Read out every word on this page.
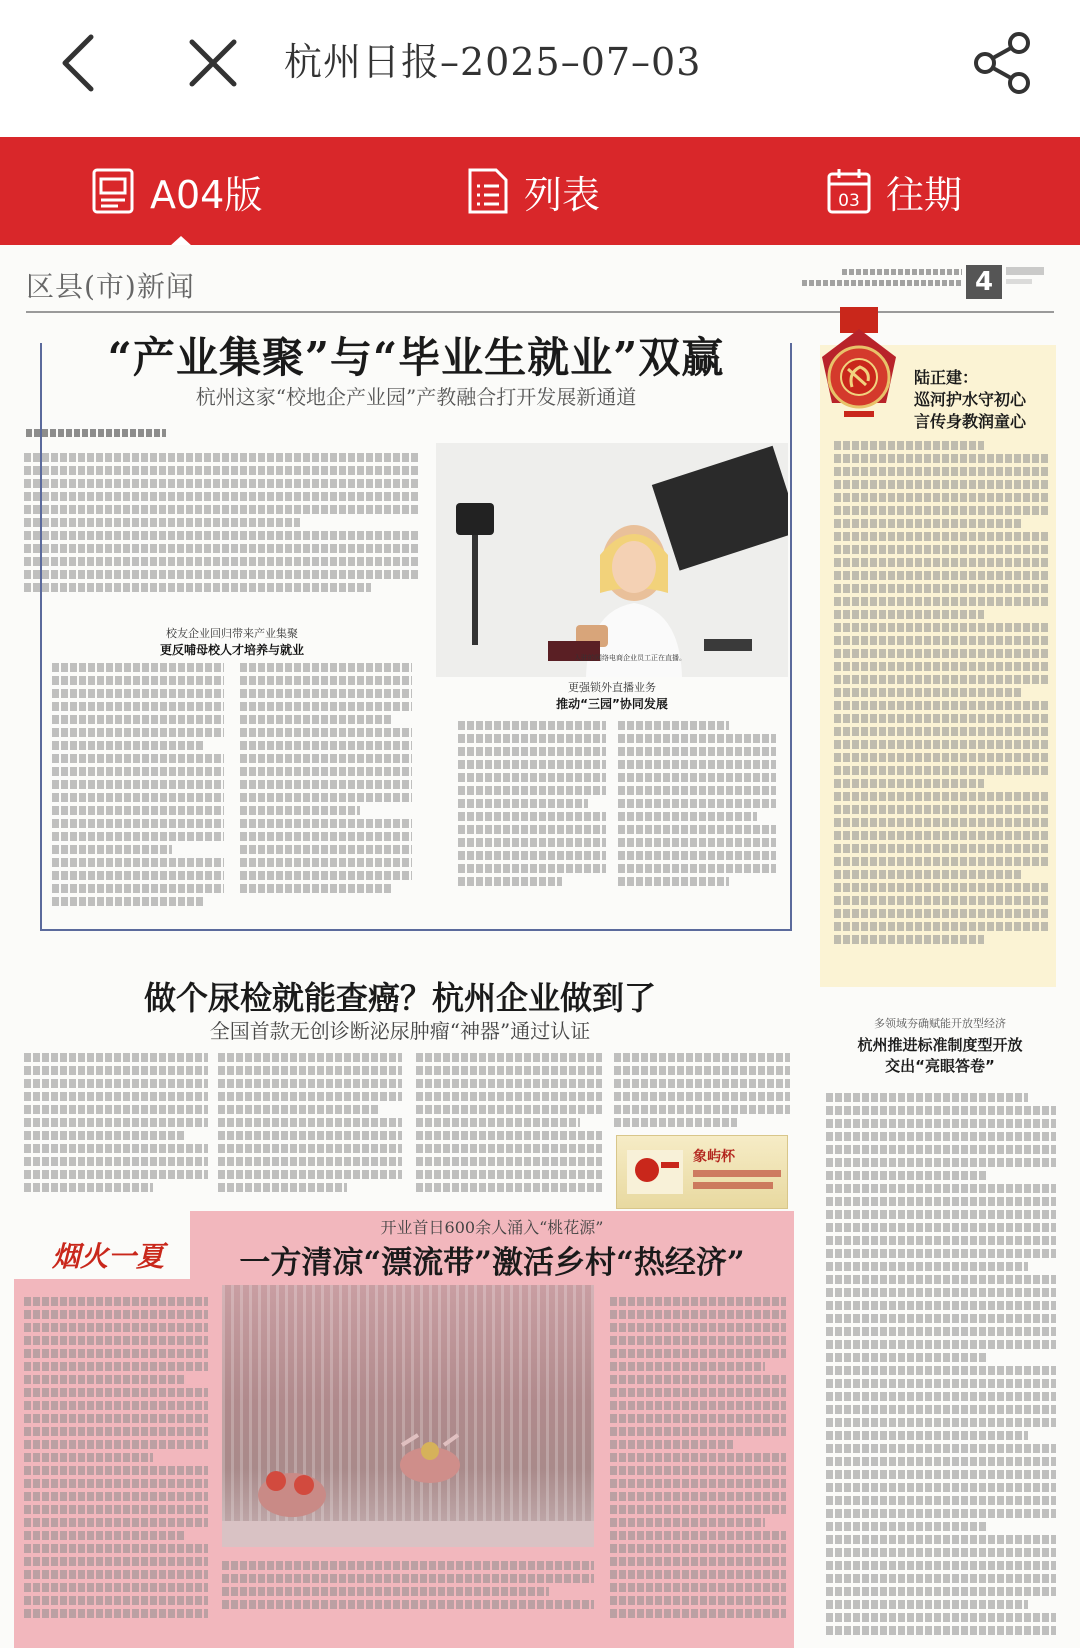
杭州日报–2025–07–03
A04版	列表	03 往期
区县(市)新闻	4
“产业集聚”与“毕业生就业”双赢
杭州这家“校地企产业园”产教融合打开发展新通道
入驻的网络电商企业员工正在直播。
校友企业回归带来产业集聚
更反哺母校人才培养与就业
更强锁外直播业务
推动“三园”协同发展
陆正建：
巡河护水守初心
言传身教润童心
做个尿检就能查癌？杭州企业做到了
全国首款无创诊断泌尿肿瘤“神器”通过认证
象屿杯
多领域夯确赋能开放型经济
杭州推进标准制度型开放
交出“亮眼答卷”
烟火一夏
开业首日600余人涌入“桃花源”
一方清凉“漂流带”激活乡村“热经济”
